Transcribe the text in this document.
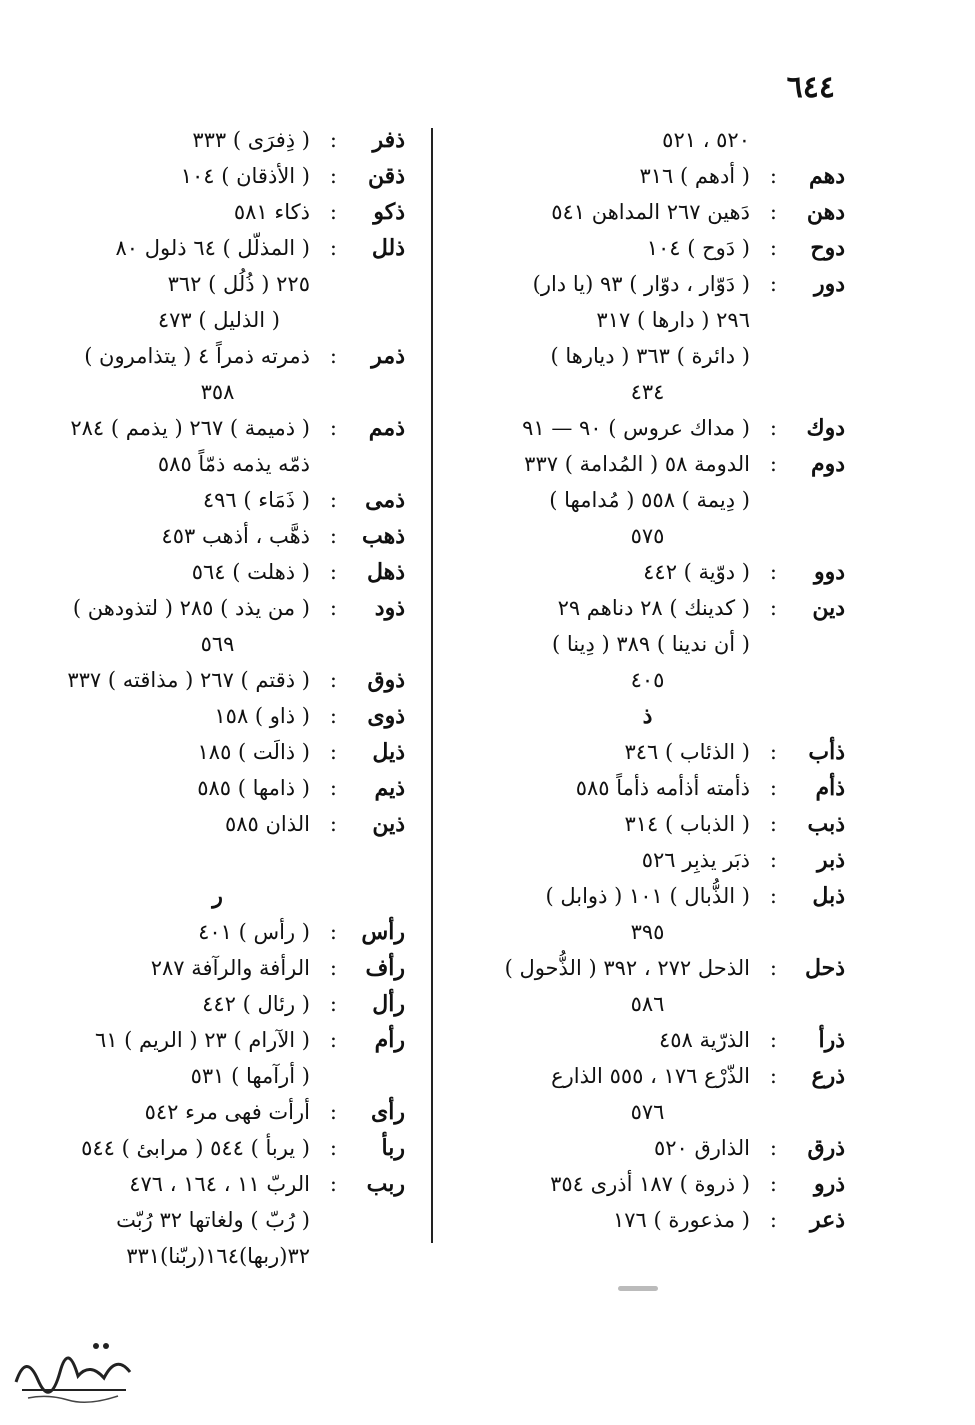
٦٤٤
٥٢٠ ، ٥٢١
دهم
:
( أدهم ) ٣١٦
دهن
:
دَهين ٢٦٧ المداهن ٥٤١
دوح
:
( دَوح ) ١٠٤
دور
:
( دَوّار ، دوّار ) ٩٣ (يا دار)
٢٩٦ ( دارها ) ٣١٧
( دائرة ) ٣٦٣ ( ديارها )
٤٣٤
دوك
:
( مداك عروس ) ٩٠ — ٩١
دوم
:
الدومة ٥٨ ( المُدامة ) ٣٣٧
( دِيمة ) ٥٥٨ ( مُدامها )
٥٧٥
دوو
:
( دوّية ) ٤٤٢
دين
:
( كدينك ) ٢٨ دناهم ٢٩
( أن ندينا ) ٣٨٩ ( دِينا )
٤٠٥
ذ
ذأب
:
( الذئاب ) ٣٤٦
ذأم
:
ذأمته أذأمه ذأماً ٥٨٥
ذبب
:
( الذباب ) ٣١٤
ذبر
:
ذبَر يذبِر ٥٢٦
ذبل
:
( الذُّبال ) ١٠١ ( ذوابل )
٣٩٥
ذحل
:
الذحل ٢٧٢ ، ٣٩٢ ( الذُّحول )
٥٨٦
ذرأ
:
الذرّية ٤٥٨
ذرع
:
الذّرْع ١٧٦ ، ٥٥٥ الذارع
٥٧٦
ذرق
:
الذارق ٥٢٠
ذرو
:
( ذروة ) ١٨٧ أذرى ٣٥٤
ذعر
:
( مذعورة ) ١٧٦
ذفر
:
( ذِفرَى ) ٣٣٣
ذقن
:
( الأذقان ) ١٠٤
ذكو
:
ذكاء ٥٨١
ذلل
:
( المذلّل ) ٦٤ ذلول ٨٠
٢٢٥ ( ذُلُل ) ٣٦٢
( الذليل ) ٤٧٣
ذمر
:
ذمرته ذمراً ٤ ( يتذامرون )
٣٥٨
ذمم
:
( ذميمة ) ٢٦٧ ( يذمم ) ٢٨٤
ذمّه يذمه ذمّاً ٥٨٥
ذمى
:
( ذَمَاء ) ٤٩٦
ذهب
:
ذهَّب ، أذهب ٤٥٣
ذهل
:
( ذهلت ) ٥٦٤
ذود
:
( من يذد ) ٢٨٥ ( لتذودهن )
٥٦٩
ذوق
:
( ذقتم ) ٢٦٧ ( مذاقته ) ٣٣٧
ذوى
:
( ذاو ) ١٥٨
ذيل
:
( ذالَت ) ١٨٥
ذيم
:
( ذامها ) ٥٨٥
ذين
:
الذان ٥٨٥
ر
رأس
:
( رأس ) ٤٠١
رأف
:
الرأفة والرآفة ٢٨٧
رأل
:
( رئال ) ٤٤٢
رأم
:
( الآرام ) ٢٣ ( الريم ) ٦١
( أرآمها ) ٥٣١
رأى
:
أرأت فهى مرء ٥٤٢
ربأ
:
( يربأ ) ٥٤٤ ( مرابئ ) ٥٤٤
ربب
:
الربّ ١١ ، ١٦٤ ، ٤٧٦
( رُبّ ) ولغاتها ٣٢ رُبّت
٣٢(ربها)١٦٤(ربّنا)٣٣١
